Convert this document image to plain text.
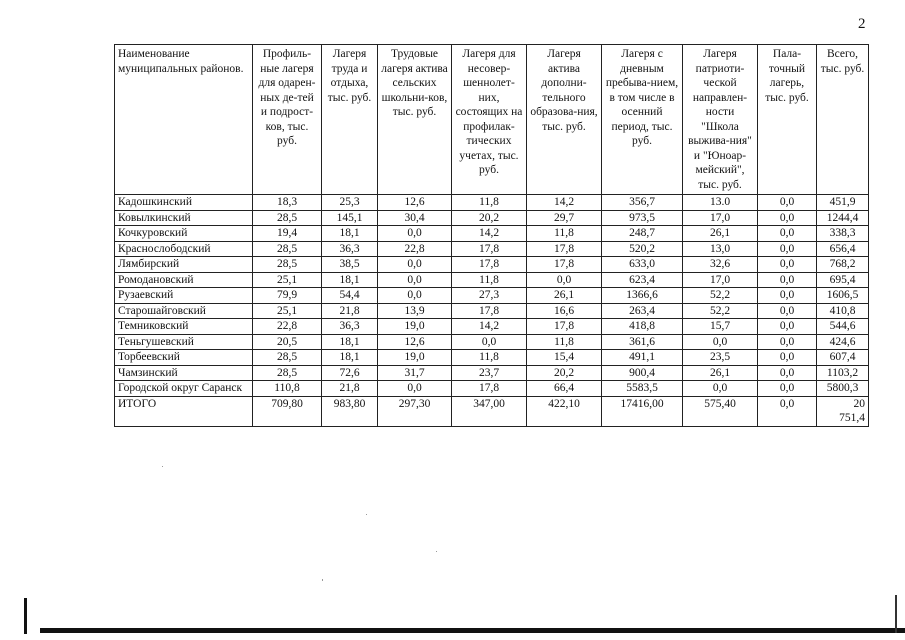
2
Наименование муниципальных районов.	Профиль-ные лагеря для одарен-ных де-тей и подрост-ков, тыс. руб.	Лагеря труда и отдыха, тыс. руб.	Трудовые лагеря актива сельских школьни-ков, тыс. руб.	Лагеря для несовер-шеннолет-них, состоящих на профилак-тических учетах, тыс. руб.	Лагеря актива дополни-тельного образова-ния, тыс. руб.	Лагеря с дневным пребыва-нием, в том числе в осенний период, тыс. руб.	Лагеря патриоти-ческой направлен-ности "Школа выжива-ния" и "Юноар-мейский", тыс. руб.	Пала-точный лагерь, тыс. руб.	Всего, тыс. руб.
Кадошкинский	18,3	25,3	12,6	11,8	14,2	356,7	13.0	0,0	451,9
Ковылкинский	28,5	145,1	30,4	20,2	29,7	973,5	17,0	0,0	1244,4
Кочкуровский	19,4	18,1	0,0	14,2	11,8	248,7	26,1	0,0	338,3
Краснослободский	28,5	36,3	22,8	17,8	17,8	520,2	13,0	0,0	656,4
Лямбирский	28,5	38,5	0,0	17,8	17,8	633,0	32,6	0,0	768,2
Ромодановский	25,1	18,1	0,0	11,8	0,0	623,4	17,0	0,0	695,4
Рузаевский	79,9	54,4	0,0	27,3	26,1	1366,6	52,2	0,0	1606,5
Старошайговский	25,1	21,8	13,9	17,8	16,6	263,4	52,2	0,0	410,8
Темниковский	22,8	36,3	19,0	14,2	17,8	418,8	15,7	0,0	544,6
Теньгушевский	20,5	18,1	12,6	0,0	11,8	361,6	0,0	0,0	424,6
Торбеевский	28,5	18,1	19,0	11,8	15,4	491,1	23,5	0,0	607,4
Чамзинский	28,5	72,6	31,7	23,7	20,2	900,4	26,1	0,0	1103,2
Городской округ Саранск	110,8	21,8	0,0	17,8	66,4	5583,5	0,0	0,0	5800,3
ИТОГО	709,80	983,80	297,30	347,00	422,10	17416,00	575,40	0,0	20 751,4
